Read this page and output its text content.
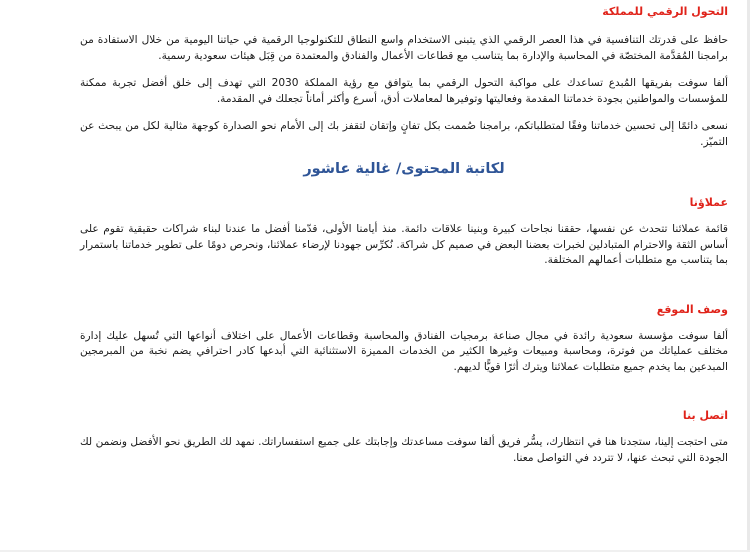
التحول الرقمي للمملكة

حافظ على قدرتك التنافسية في هذا العصر الرقمي الذي يتبنى الاستخدام واسع النطاق للتكنولوجيا الرقمية في حياتنا اليومية من خلال الاستفادة من برامجنا المُقدَّمة المختصّة في المحاسبة والإدارة بما يتناسب مع قطاعات الأعمال والفنادق والمعتمدة من قِبَل هيئات سعودية رسمية.

ألفا سوفت بفريقها المُبدع تساعدك على مواكبة التحول الرقمي بما يتوافق مع رؤية المملكة 2030 التي تهدف إلى خلق أفضل تجربة ممكنة للمؤسسات والمواطنين بجودة خدماتنا المقدمة وفعاليتها وتوفيرها لمعاملات أدق، أسرع وأكثر أماناً تجعلك في المقدمة.

نسعى دائمًا إلى تحسين خدماتنا وفقًا لمتطلباتكم، برامجنا صُممت بكل تفانٍ وإتقان لتقفز بك إلى الأمام نحو الصدارة كوجهة مثالية لكل من يبحث عن التميّز.

لكاتبة المحتوى/ غالية عاشور

عملاؤنا

قائمة عملائنا تتحدث عن نفسها، حققنا نجاحات كبيرة وبنينا علاقات دائمة. منذ أيامنا الأولى، قدّمنا أفضل ما عندنا لبناء شراكات حقيقية تقوم على أساس الثقة والاحترام المتبادلين لخبرات بعضنا البعض في صميم كل شراكة. نُكرِّس جهودنا لإرضاء عملائنا، ونحرص دومًا على تطوير خدماتنا باستمرار بما يتناسب مع متطلبات أعمالهم المختلفة.

وصف الموقع

ألفا سوفت مؤسسة سعودية رائدة في مجال صناعة برمجيات الفنادق والمحاسبة وقطاعات الأعمال على اختلاف أنواعها التي تُسهل عليك إدارة مختلف عملياتك من فوترة، ومحاسبة ومبيعات وغيرها الكثير من الخدمات المميزة الاستثنائية التي أبدعها كادر احترافي يضم نخبة من المبرمجين المبدعين بما يخدم جميع متطلبات عملائنا ويترك أثرًا قويًّا لديهم.

اتصل بنا

متى احتجت إلينا، ستجدنا هنا في انتظارك، يسُّر فريق ألفا سوفت مساعدتك وإجابتك على جميع استفساراتك. نمهد لك الطريق نحو الأفضل ونضمن لك الجودة التي تبحث عنها، لا تتردد في التواصل معنا.
